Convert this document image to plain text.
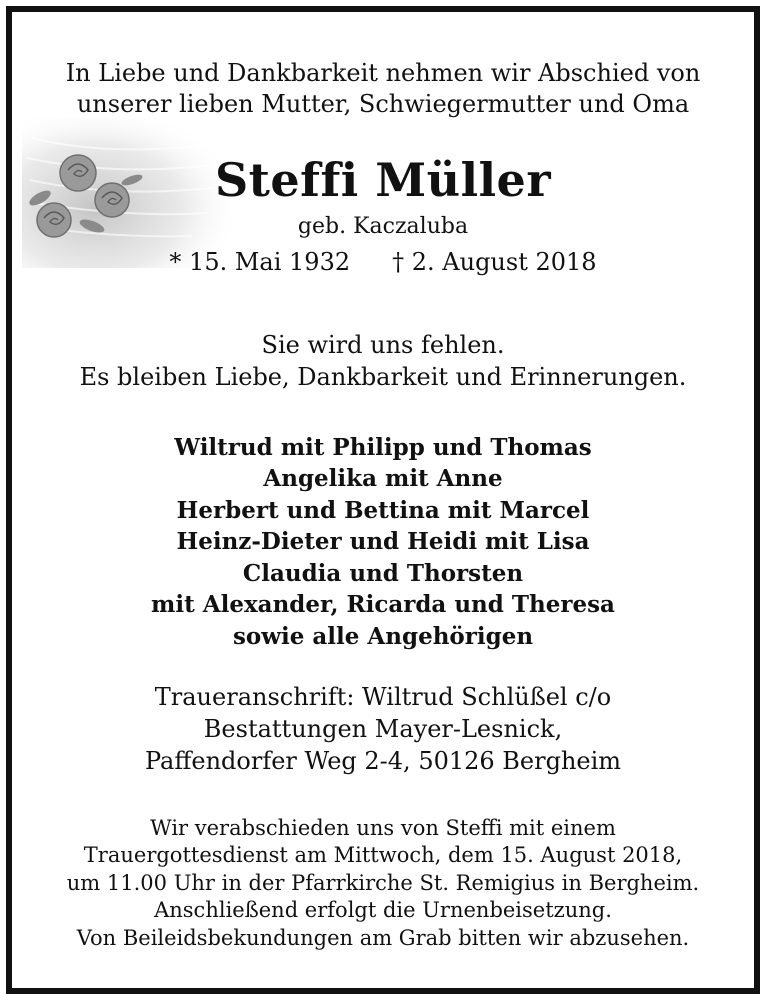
In Liebe und Dankbarkeit nehmen wir Abschied von
unserer lieben Mutter, Schwiegermutter und Oma
Steffi Müller
geb. Kaczaluba
* 15. Mai 1932 † 2. August 2018
Sie wird uns fehlen.
Es bleiben Liebe, Dankbarkeit und Erinnerungen.
Wiltrud mit Philipp und Thomas
Angelika mit Anne
Herbert und Bettina mit Marcel
Heinz-Dieter und Heidi mit Lisa
Claudia und Thorsten
mit Alexander, Ricarda und Theresa
sowie alle Angehörigen
Traueranschrift: Wiltrud Schlüßel c/o
Bestattungen Mayer-Lesnick,
Paffendorfer Weg 2-4, 50126 Bergheim
Wir verabschieden uns von Steffi mit einem
Trauergottesdienst am Mittwoch, dem 15. August 2018,
um 11.00 Uhr in der Pfarrkirche St. Remigius in Bergheim.
Anschließend erfolgt die Urnenbeisetzung.
Von Beileidsbekundungen am Grab bitten wir abzusehen.
